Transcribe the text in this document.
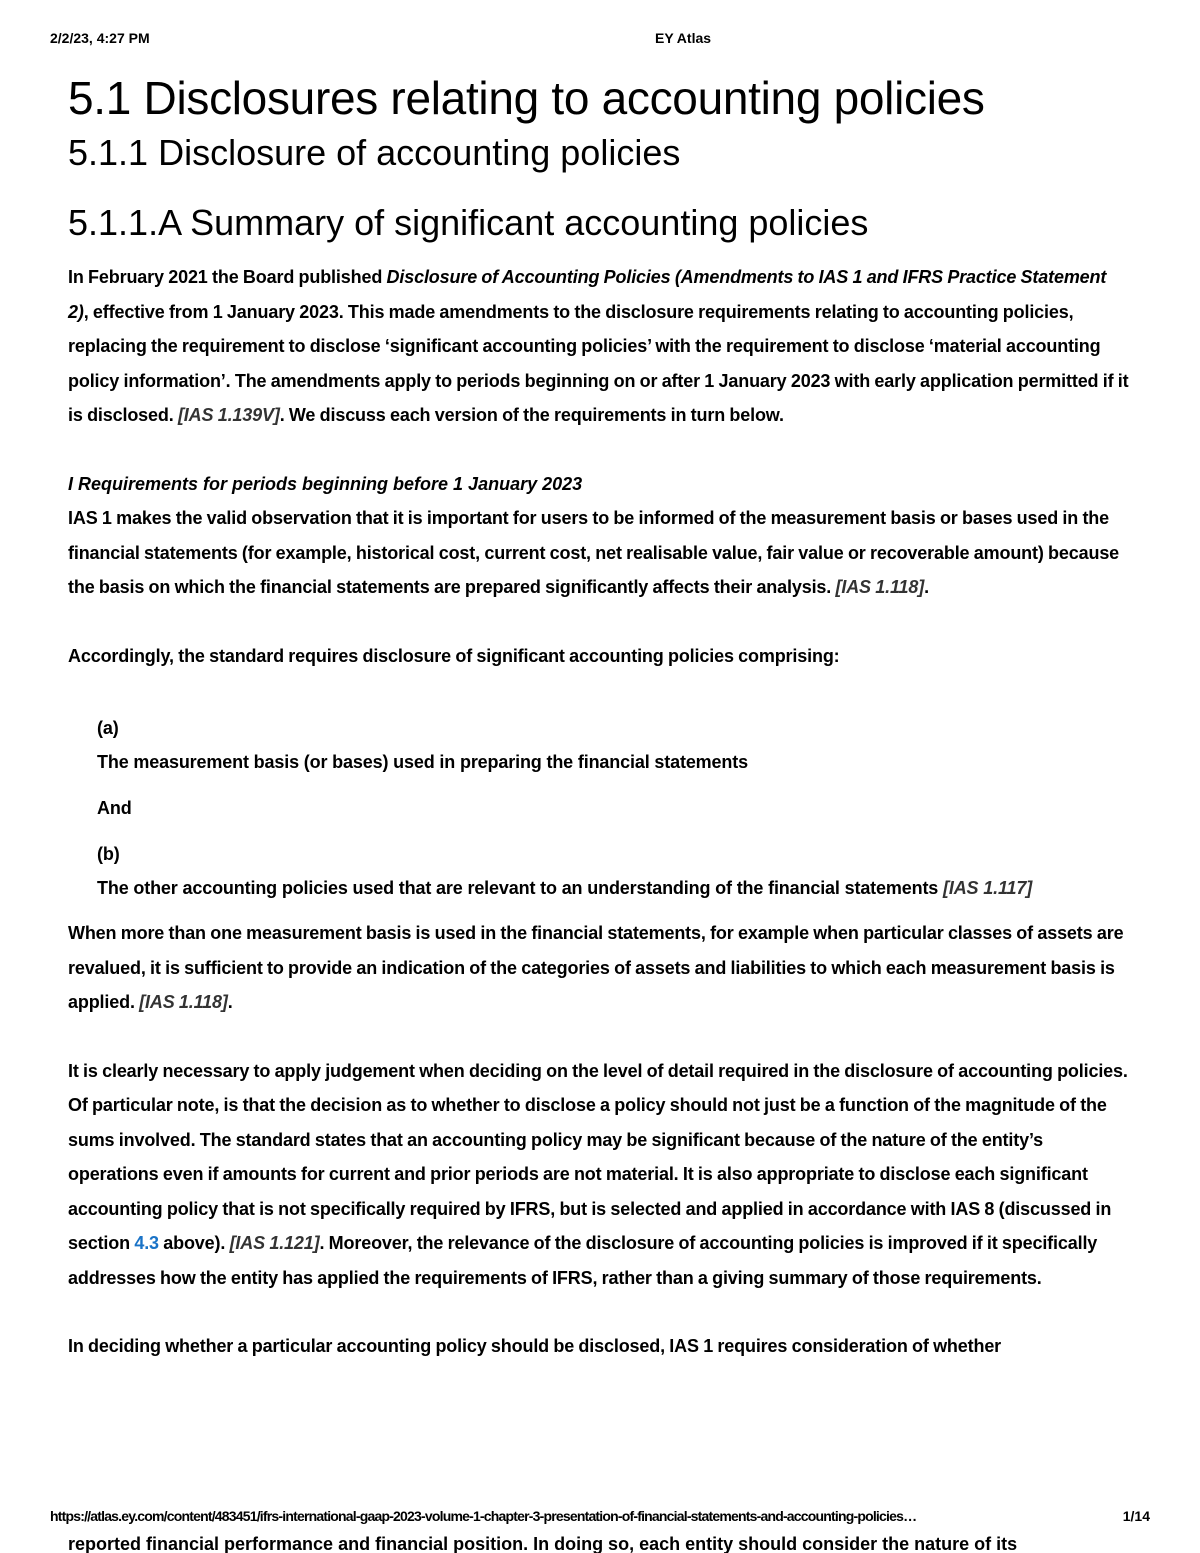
2/2/23, 4:27 PM	EY Atlas
5.1 Disclosures relating to accounting policies
5.1.1 Disclosure of accounting policies
5.1.1.A Summary of significant accounting policies

In February 2021 the Board published Disclosure of Accounting Policies (Amendments to IAS 1 and IFRS Practice Statement 2), effective from 1 January 2023. This made amendments to the disclosure requirements relating to accounting policies, replacing the requirement to disclose ‘significant accounting policies’ with the requirement to disclose ‘material accounting policy information’. The amendments apply to periods beginning on or after 1 January 2023 with early application permitted if it is disclosed. [IAS 1.139V]. We discuss each version of the requirements in turn below.

I Requirements for periods beginning before 1 January 2023

IAS 1 makes the valid observation that it is important for users to be informed of the measurement basis or bases used in the financial statements (for example, historical cost, current cost, net realisable value, fair value or recoverable amount) because the basis on which the financial statements are prepared significantly affects their analysis. [IAS 1.118].

Accordingly, the standard requires disclosure of significant accounting policies comprising:

(a)
The measurement basis (or bases) used in preparing the financial statements
And
(b)
The other accounting policies used that are relevant to an understanding of the financial statements [IAS 1.117]

When more than one measurement basis is used in the financial statements, for example when particular classes of assets are revalued, it is sufficient to provide an indication of the categories of assets and liabilities to which each measurement basis is applied. [IAS 1.118].

It is clearly necessary to apply judgement when deciding on the level of detail required in the disclosure of accounting policies. Of particular note, is that the decision as to whether to disclose a policy should not just be a function of the magnitude of the sums involved. The standard states that an accounting policy may be significant because of the nature of the entity’s operations even if amounts for current and prior periods are not material. It is also appropriate to disclose each significant accounting policy that is not specifically required by IFRS, but is selected and applied in accordance with IAS 8 (discussed in section 4.3 above). [IAS 1.121]. Moreover, the relevance of the disclosure of accounting policies is improved if it specifically addresses how the entity has applied the requirements of IFRS, rather than a giving summary of those requirements.

In deciding whether a particular accounting policy should be disclosed, IAS 1 requires consideration of whether

https://atlas.ey.com/content/483451/ifrs-international-gaap-2023-volume-1-chapter-3-presentation-of-financial-statements-and-accounting-policies…	1/14
reported financial performance and financial position. In doing so, each entity should consider the nature of its
